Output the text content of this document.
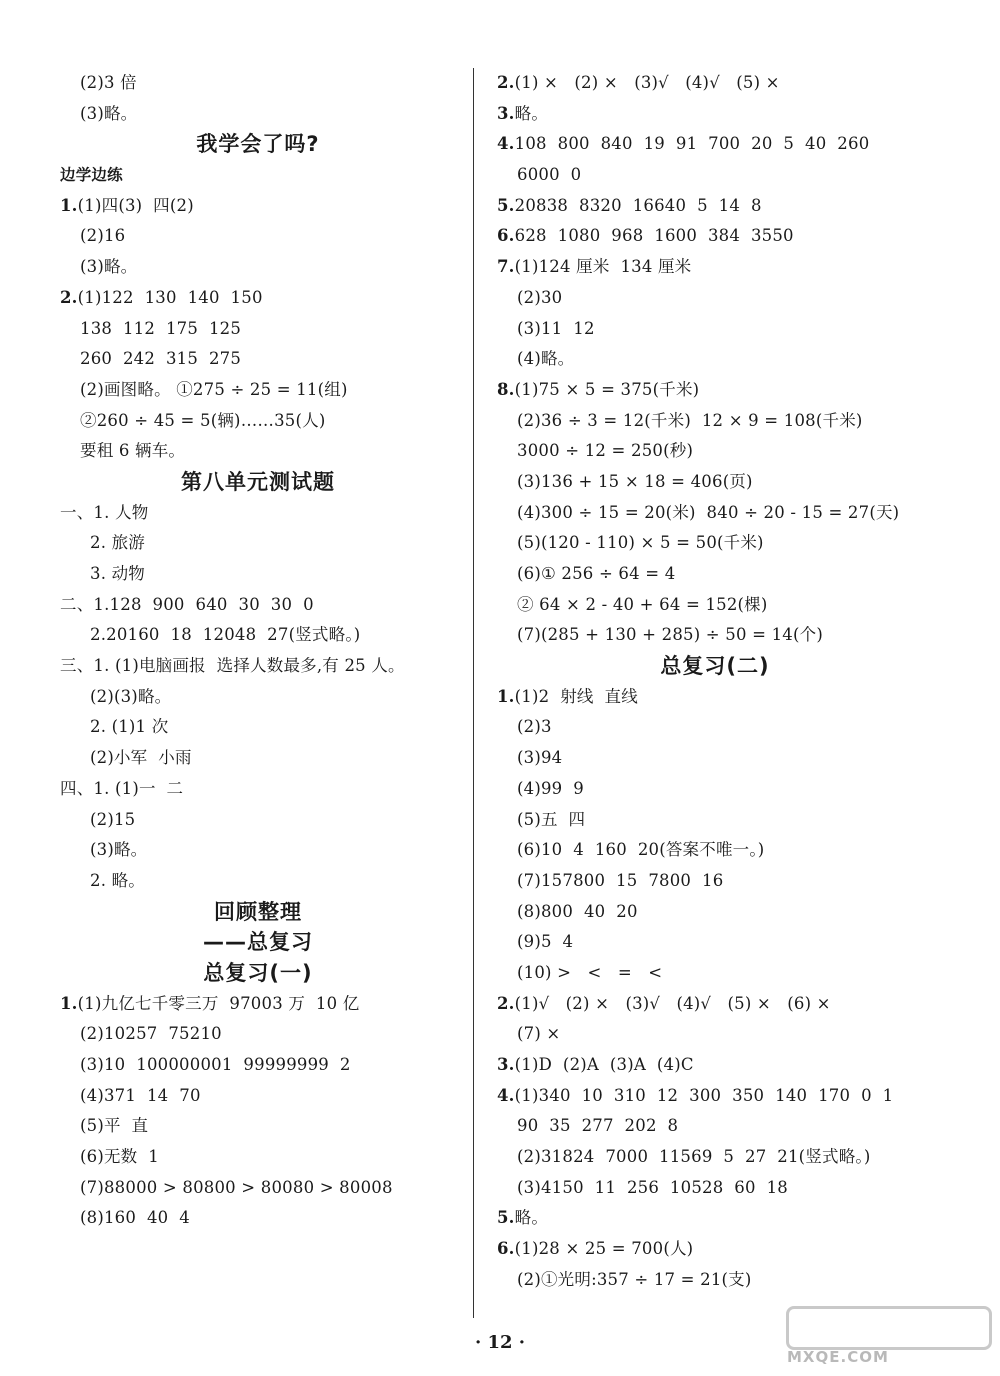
(2)3 倍
(3)略。
我学会了吗?
边学边练
1.(1)四(3)  四(2)
(2)16
(3)略。
2.(1)122  130  140  150
138  112  175  125
260  242  315  275
(2)画图略。 ①275 ÷ 25 = 11(组)
②260 ÷ 45 = 5(辆)……35(人)
要租 6 辆车。
第八单元测试题
一、1. 人物
2. 旅游
3. 动物
二、1.128  900  640  30  30  0
2.20160  18  12048  27(竖式略。)
三、1. (1)电脑画报  选择人数最多,有 25 人。
(2)(3)略。
2. (1)1 次
(2)小军  小雨
四、1. (1)一  二
(2)15
(3)略。
2. 略。
回顾整理
——总复习
总复习(一)
1.(1)九亿七千零三万  97003 万  10 亿
(2)10257  75210
(3)10  100000001  99999999  2
(4)371  14  70
(5)平  直
(6)无数  1
(7)88000 > 80800 > 80080 > 80008
(8)160  40  4
2.(1) ×   (2) ×   (3)√   (4)√   (5) ×
3.略。
4.108  800  840  19  91  700  20  5  40  260
6000  0
5.20838  8320  16640  5  14  8
6.628  1080  968  1600  384  3550
7.(1)124 厘米  134 厘米
(2)30
(3)11  12
(4)略。
8.(1)75 × 5 = 375(千米)
(2)36 ÷ 3 = 12(千米)  12 × 9 = 108(千米)
3000 ÷ 12 = 250(秒)
(3)136 + 15 × 18 = 406(页)
(4)300 ÷ 15 = 20(米)  840 ÷ 20 - 15 = 27(天)
(5)(120 - 110) × 5 = 50(千米)
(6)① 256 ÷ 64 = 4
② 64 × 2 - 40 + 64 = 152(棵)
(7)(285 + 130 + 285) ÷ 50 = 14(个)
总复习(二)
1.(1)2  射线  直线
(2)3
(3)94
(4)99  9
(5)五  四
(6)10  4  160  20(答案不唯一。)
(7)157800  15  7800  16
(8)800  40  20
(9)5  4
(10) >   <   =   <
2.(1)√   (2) ×   (3)√   (4)√   (5) ×   (6) ×
(7) ×
3.(1)D  (2)A  (3)A  (4)C
4.(1)340  10  310  12  300  350  140  170  0  1
90  35  277  202  8
(2)31824  7000  11569  5  27  21(竖式略。)
(3)4150  11  256  10528  60  18
5.略。
6.(1)28 × 25 = 700(人)
(2)①光明:357 ÷ 17 = 21(支)
· 12 ·
MXQE.COM
